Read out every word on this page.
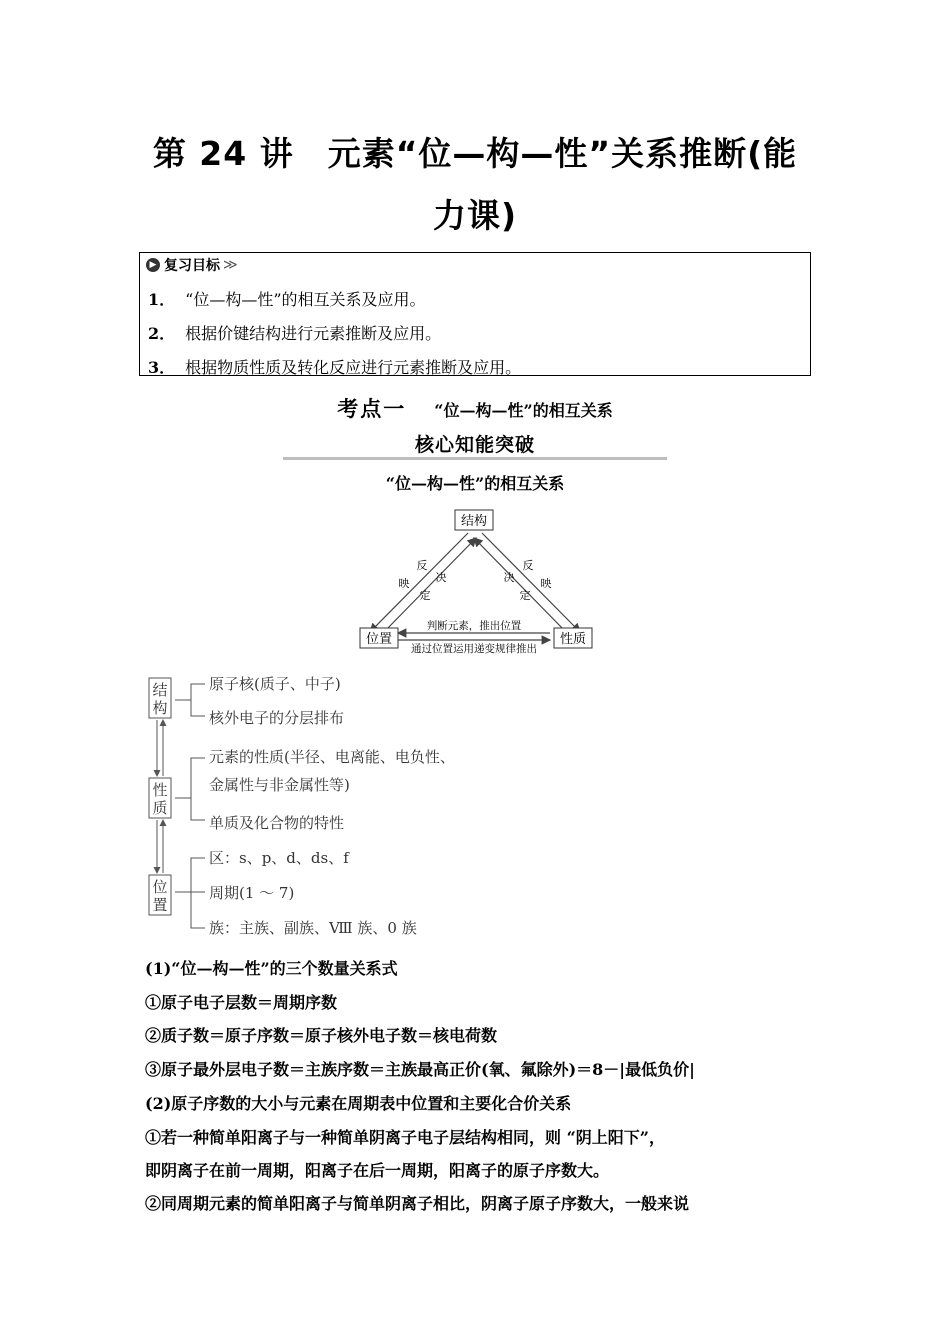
第 24 讲　元素“位—构—性”关系推断(能
力课)
▶ 复习目标 ≫
1． “位—构—性”的相互关系及应用。
2． 根据价键结构进行元素推断及应用。
3． 根据物质性质及转化反应进行元素推断及应用。
考点一 “位—构—性”的相互关系
核心知能突破
“位—构—性”的相互关系
结构
位置	性质
反
映 决
定
反
映
决
定
判断元素，推出位置
通过位置运用递变规律推出
结
构
性
质
位
置
原子核(质子、中子)
核外电子的分层排布
元素的性质(半径、电离能、电负性、
金属性与非金属性等)
单质及化合物的特性
区：s、p、d、ds、f
周期(1 ～ 7)
族：主族、副族、Ⅷ 族、0 族
(1)“位—构—性”的三个数量关系式
①原子电子层数＝周期序数
②质子数＝原子序数＝原子核外电子数＝核电荷数
③原子最外层电子数＝主族序数＝主族最高正价(氧、氟除外)＝8－|最低负价|
(2)原子序数的大小与元素在周期表中位置和主要化合价关系
①若一种简单阳离子与一种简单阴离子电子层结构相同，则 “阴上阳下”，
即阴离子在前一周期，阳离子在后一周期，阳离子的原子序数大。
②同周期元素的简单阳离子与简单阴离子相比，阴离子原子序数大，一般来说
